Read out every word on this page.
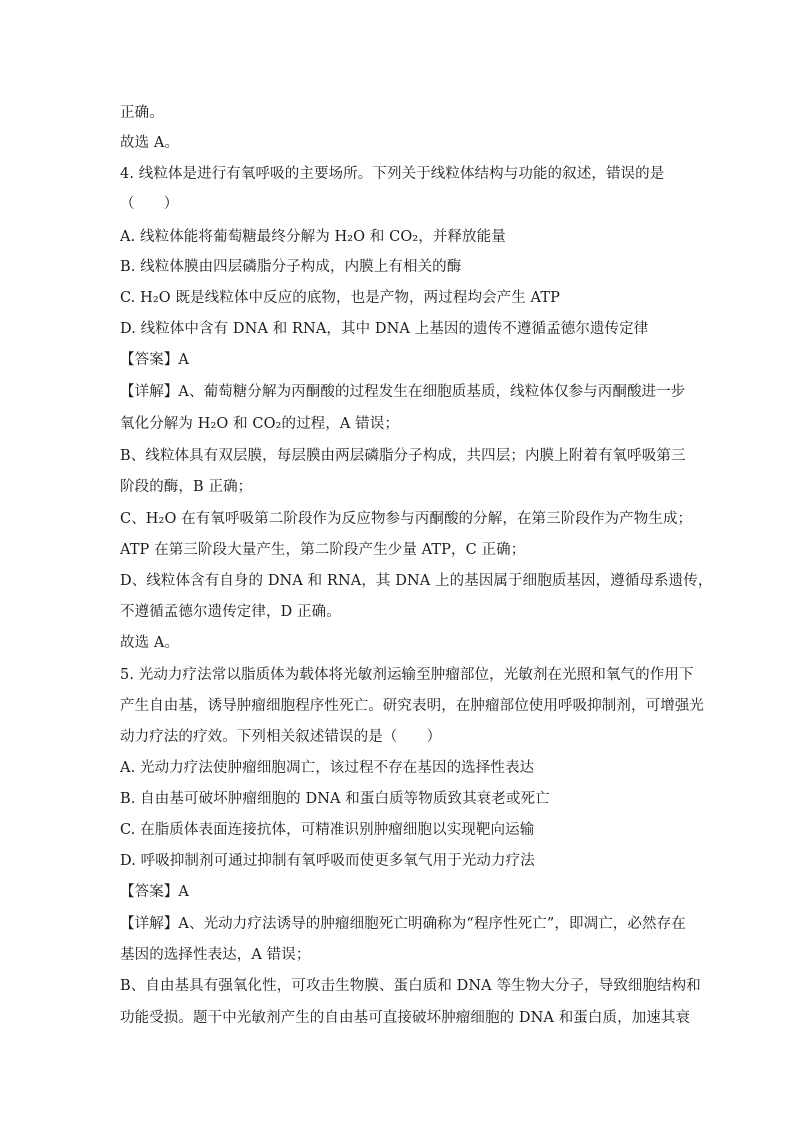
正确。

故选 A。

4. 线粒体是进行有氧呼吸的主要场所。下列关于线粒体结构与功能的叙述，错误的是

（　　）

A. 线粒体能将葡萄糖最终分解为 H₂O 和 CO₂，并释放能量

B. 线粒体膜由四层磷脂分子构成，内膜上有相关的酶

C. H₂O 既是线粒体中反应的底物，也是产物，两过程均会产生 ATP

D. 线粒体中含有 DNA 和 RNA，其中 DNA 上基因的遗传不遵循孟德尔遗传定律

【答案】A

【详解】A、葡萄糖分解为丙酮酸的过程发生在细胞质基质，线粒体仅参与丙酮酸进一步

氧化分解为 H₂O 和 CO₂的过程，A 错误；

B、线粒体具有双层膜，每层膜由两层磷脂分子构成，共四层；内膜上附着有氧呼吸第三

阶段的酶，B 正确；

C、H₂O 在有氧呼吸第二阶段作为反应物参与丙酮酸的分解，在第三阶段作为产物生成；

ATP 在第三阶段大量产生，第二阶段产生少量 ATP，C 正确；

D、线粒体含有自身的 DNA 和 RNA，其 DNA 上的基因属于细胞质基因，遵循母系遗传，

不遵循孟德尔遗传定律，D 正确。

故选 A。

5. 光动力疗法常以脂质体为载体将光敏剂运输至肿瘤部位，光敏剂在光照和氧气的作用下

产生自由基，诱导肿瘤细胞程序性死亡。研究表明，在肿瘤部位使用呼吸抑制剂，可增强光

动力疗法的疗效。下列相关叙述错误的是（　　）

A. 光动力疗法使肿瘤细胞凋亡，该过程不存在基因的选择性表达

B. 自由基可破坏肿瘤细胞的 DNA 和蛋白质等物质致其衰老或死亡

C. 在脂质体表面连接抗体，可精准识别肿瘤细胞以实现靶向运输

D. 呼吸抑制剂可通过抑制有氧呼吸而使更多氧气用于光动力疗法

【答案】A

【详解】A、光动力疗法诱导的肿瘤细胞死亡明确称为“程序性死亡”，即凋亡，必然存在

基因的选择性表达，A 错误；

B、自由基具有强氧化性，可攻击生物膜、蛋白质和 DNA 等生物大分子，导致细胞结构和

功能受损。题干中光敏剂产生的自由基可直接破坏肿瘤细胞的 DNA 和蛋白质，加速其衰
